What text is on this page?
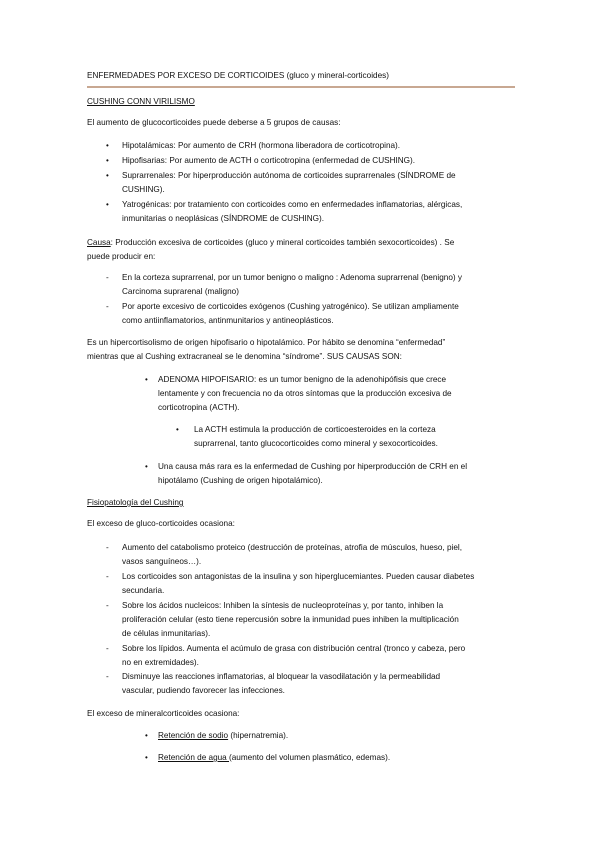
ENFERMEDADES POR EXCESO DE CORTICOIDES (gluco y mineral-corticoides)
CUSHING CONN VIRILISMO
El aumento de glucocorticoides puede deberse a 5 grupos de causas:
• Hipotalámicas: Por aumento de CRH (hormona liberadora de corticotropina).
• Hipofisarias: Por aumento de ACTH o corticotropina (enfermedad de CUSHING).
• Suprarrenales: Por hiperproducción autónoma de corticoides suprarrenales (SÍNDROME de
CUSHING).
• Yatrogénicas: por tratamiento con corticoides como en enfermedades inflamatorias, alérgicas,
inmunitarias o neoplásicas (SÍNDROME de CUSHING).
Causa: Producción excesiva de corticoides (gluco y mineral corticoides también sexocorticoides) . Se
puede producir en:
- En la corteza suprarrenal, por un tumor benigno o maligno : Adenoma suprarrenal (benigno) y
Carcinoma suprarenal (maligno)
- Por aporte excesivo de corticoides exógenos (Cushing yatrogénico). Se utilizan ampliamente
como antiinflamatorios, antinmunitarios y antineoplásticos.
Es un hipercortisolismo de origen hipofisario o hipotalámico. Por hábito se denomina “enfermedad”
mientras que al Cushing extracraneal se le denomina “síndrome”. SUS CAUSAS SON:
• ADENOMA HIPOFISARIO: es un tumor benigno de la adenohipófisis que crece
lentamente y con frecuencia no da otros síntomas que la producción excesiva de
corticotropina (ACTH).
• La ACTH estimula la producción de corticoesteroides en la corteza
suprarrenal, tanto glucocorticoides como mineral y sexocorticoides.
• Una causa más rara es la enfermedad de Cushing por hiperproducción de CRH en el
hipotálamo (Cushing de origen hipotalámico).
Fisiopatología del Cushing
El exceso de gluco-corticoides ocasiona:
- Aumento del catabolismo proteico (destrucción de proteínas, atrofia de músculos, hueso, piel,
vasos sanguíneos…).
- Los corticoides son antagonistas de la insulina y son hiperglucemiantes. Pueden causar diabetes
secundaria.
- Sobre los ácidos nucleicos: Inhiben la síntesis de nucleoproteínas y, por tanto, inhiben la
proliferación celular (esto tiene repercusión sobre la inmunidad pues inhiben la multiplicación
de células inmunitarias).
- Sobre los lípidos. Aumenta el acúmulo de grasa con distribución central (tronco y cabeza, pero
no en extremidades).
- Disminuye las reacciones inflamatorias, al bloquear la vasodilatación y la permeabilidad
vascular, pudiendo favorecer las infecciones.
El exceso de mineralcorticoides ocasiona:
• Retención de sodio (hipernatremia).
• Retención de agua (aumento del volumen plasmático, edemas).
